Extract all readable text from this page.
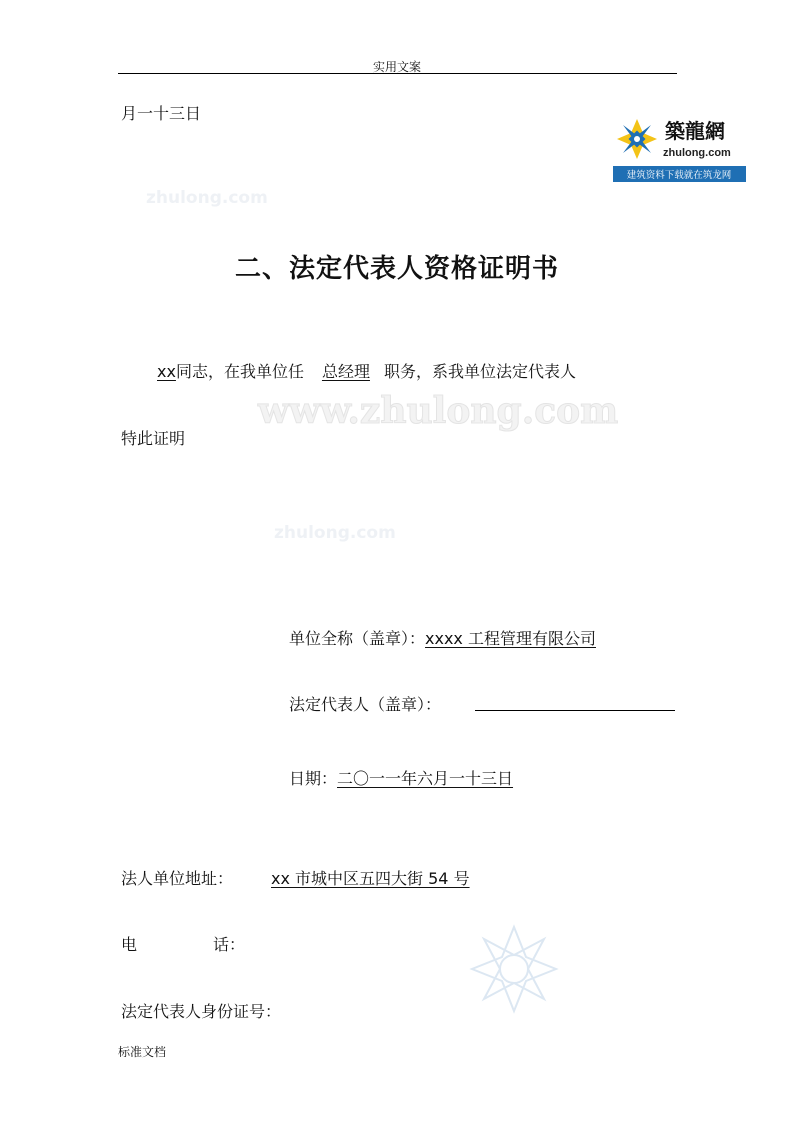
实用文案
月一十三日
築龍網
zhulong.com
建筑资料下载就在筑龙网
zhulong.com
www.zhulong.com
zhulong.com
二、法定代表人资格证明书
xx同志，在我单位任 总经理 职务，系我单位法定代表人
特此证明
单位全称（盖章）：xxxx 工程管理有限公司
法定代表人（盖章）：
日期：二〇一一年六月一十三日
法人单位地址： xx 市城中区五四大街 54 号
电	话：
法定代表人身份证号：
标准文档
